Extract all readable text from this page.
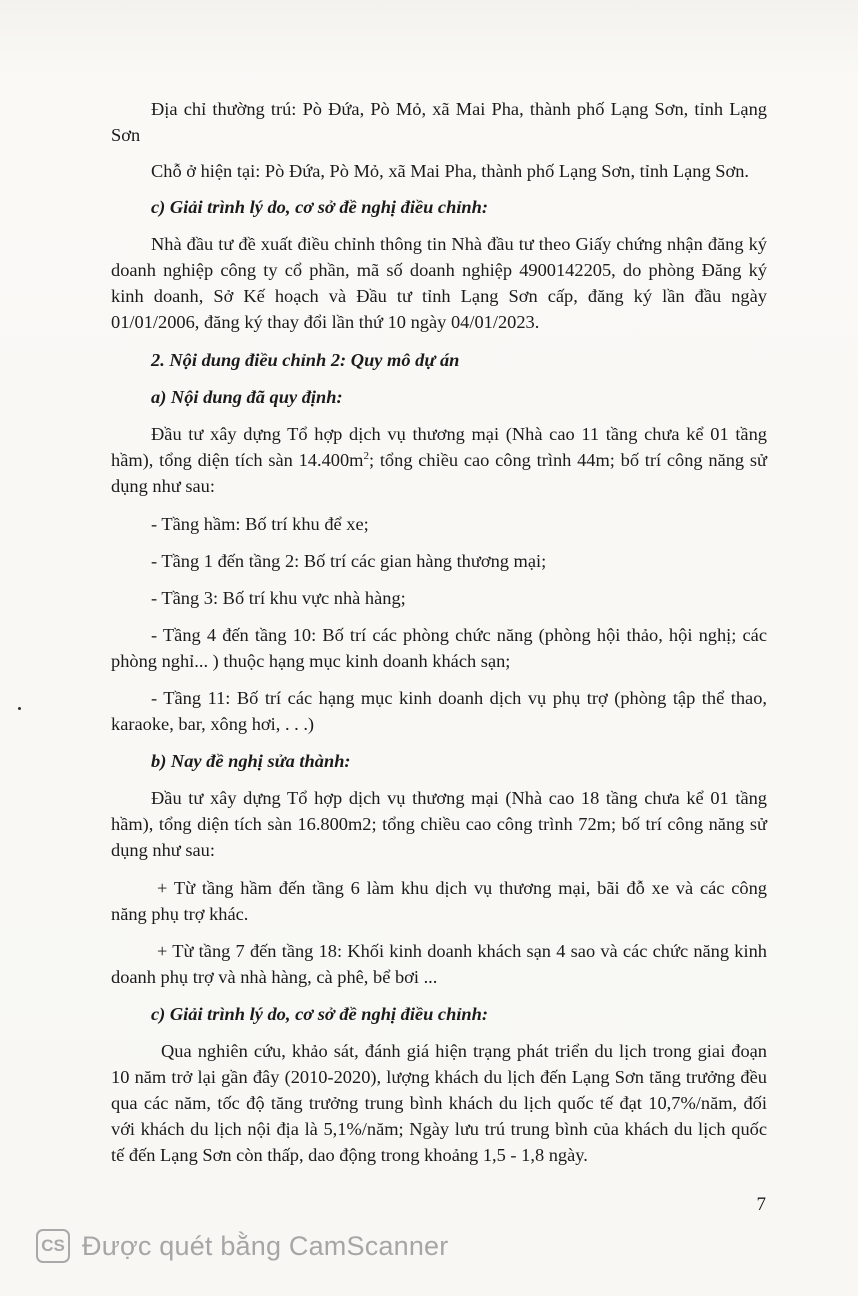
Địa chỉ thường trú: Pò Đứa, Pò Mỏ, xã Mai Pha, thành phố Lạng Sơn, tỉnh Lạng Sơn

Chỗ ở hiện tại: Pò Đứa, Pò Mỏ, xã Mai Pha, thành phố Lạng Sơn, tỉnh Lạng Sơn.

c) Giải trình lý do, cơ sở đề nghị điều chỉnh:

Nhà đầu tư đề xuất điều chỉnh thông tin Nhà đầu tư theo Giấy chứng nhận đăng ký doanh nghiệp công ty cổ phần, mã số doanh nghiệp 4900142205, do phòng Đăng ký kinh doanh, Sở Kế hoạch và Đầu tư tỉnh Lạng Sơn cấp, đăng ký lần đầu ngày 01/01/2006, đăng ký thay đổi lần thứ 10 ngày 04/01/2023.

2. Nội dung điều chỉnh 2: Quy mô dự án

a) Nội dung đã quy định:

Đầu tư xây dựng Tổ hợp dịch vụ thương mại (Nhà cao 11 tầng chưa kể 01 tầng hầm), tổng diện tích sàn $14.400m^2$; tổng chiều cao công trình 44m; bố trí công năng sử dụng như sau:

- Tầng hầm: Bố trí khu để xe;

- Tầng 1 đến tầng 2: Bố trí các gian hàng thương mại;

- Tầng 3: Bố trí khu vực nhà hàng;

- Tầng 4 đến tầng 10: Bố trí các phòng chức năng (phòng hội thảo, hội nghị; các phòng nghỉ... ) thuộc hạng mục kinh doanh khách sạn;

- Tầng 11: Bố trí các hạng mục kinh doanh dịch vụ phụ trợ (phòng tập thể thao, karaoke, bar, xông hơi, . . .)

b) Nay đề nghị sửa thành:

Đầu tư xây dựng Tổ hợp dịch vụ thương mại (Nhà cao 18 tầng chưa kể 01 tầng hầm), tổng diện tích sàn 16.800m2; tổng chiều cao công trình 72m; bố trí công năng sử dụng như sau:

+ Từ tầng hầm đến tầng 6 làm khu dịch vụ thương mại, bãi đỗ xe và các công năng phụ trợ khác.

+ Từ tầng 7 đến tầng 18: Khối kinh doanh khách sạn 4 sao và các chức năng kinh doanh phụ trợ và nhà hàng, cà phê, bể bơi ...

c) Giải trình lý do, cơ sở đề nghị điều chỉnh:

Qua nghiên cứu, khảo sát, đánh giá hiện trạng phát triển du lịch trong giai đoạn 10 năm trở lại gần đây (2010-2020), lượng khách du lịch đến Lạng Sơn tăng trưởng đều qua các năm, tốc độ tăng trưởng trung bình khách du lịch quốc tế đạt 10,7%/năm, đối với khách du lịch nội địa là 5,1%/năm; Ngày lưu trú trung bình của khách du lịch quốc tế đến Lạng Sơn còn thấp, dao động trong khoảng 1,5 - 1,8 ngày.

7
CS Được quét bằng CamScanner
